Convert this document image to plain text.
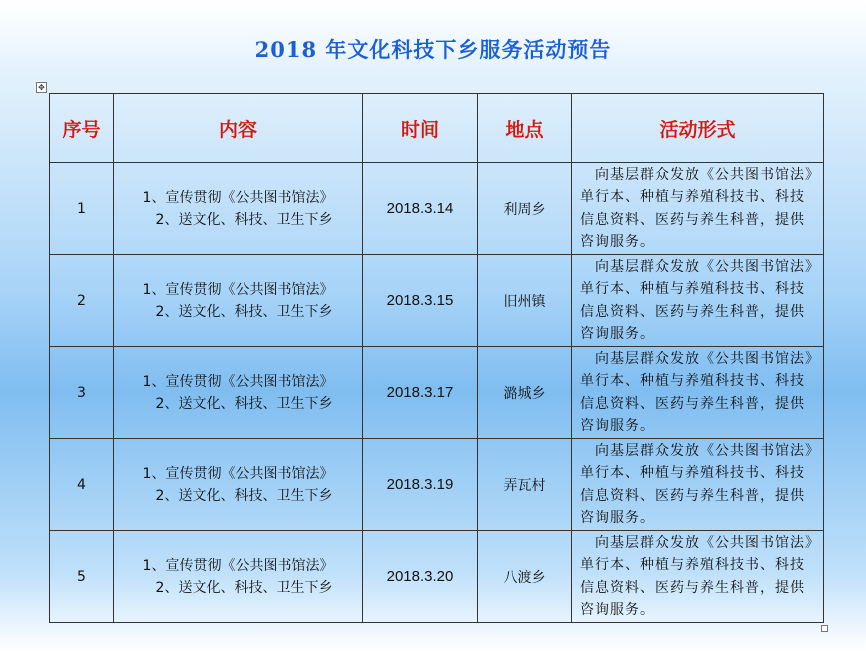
2018 年文化科技下乡服务活动预告
✥
序号	内容	时间	地点	活动形式
1	1、宣传贯彻《公共图书馆法》
2、送文化、科技、卫生下乡	2018.3.14	利周乡	　向基层群众发放《公共图书馆法》单行本、种植与养殖科技书、科技信息资料、医药与养生科普，提供咨询服务。
2	1、宣传贯彻《公共图书馆法》
2、送文化、科技、卫生下乡	2018.3.15	旧州镇	　向基层群众发放《公共图书馆法》单行本、种植与养殖科技书、科技信息资料、医药与养生科普，提供咨询服务。
3	1、宣传贯彻《公共图书馆法》
2、送文化、科技、卫生下乡	2018.3.17	潞城乡	　向基层群众发放《公共图书馆法》单行本、种植与养殖科技书、科技信息资料、医药与养生科普，提供咨询服务。
4	1、宣传贯彻《公共图书馆法》
2、送文化、科技、卫生下乡	2018.3.19	弄瓦村	　向基层群众发放《公共图书馆法》单行本、种植与养殖科技书、科技信息资料、医药与养生科普，提供咨询服务。
5	1、宣传贯彻《公共图书馆法》
2、送文化、科技、卫生下乡	2018.3.20	八渡乡	　向基层群众发放《公共图书馆法》单行本、种植与养殖科技书、科技信息资料、医药与养生科普，提供咨询服务。
